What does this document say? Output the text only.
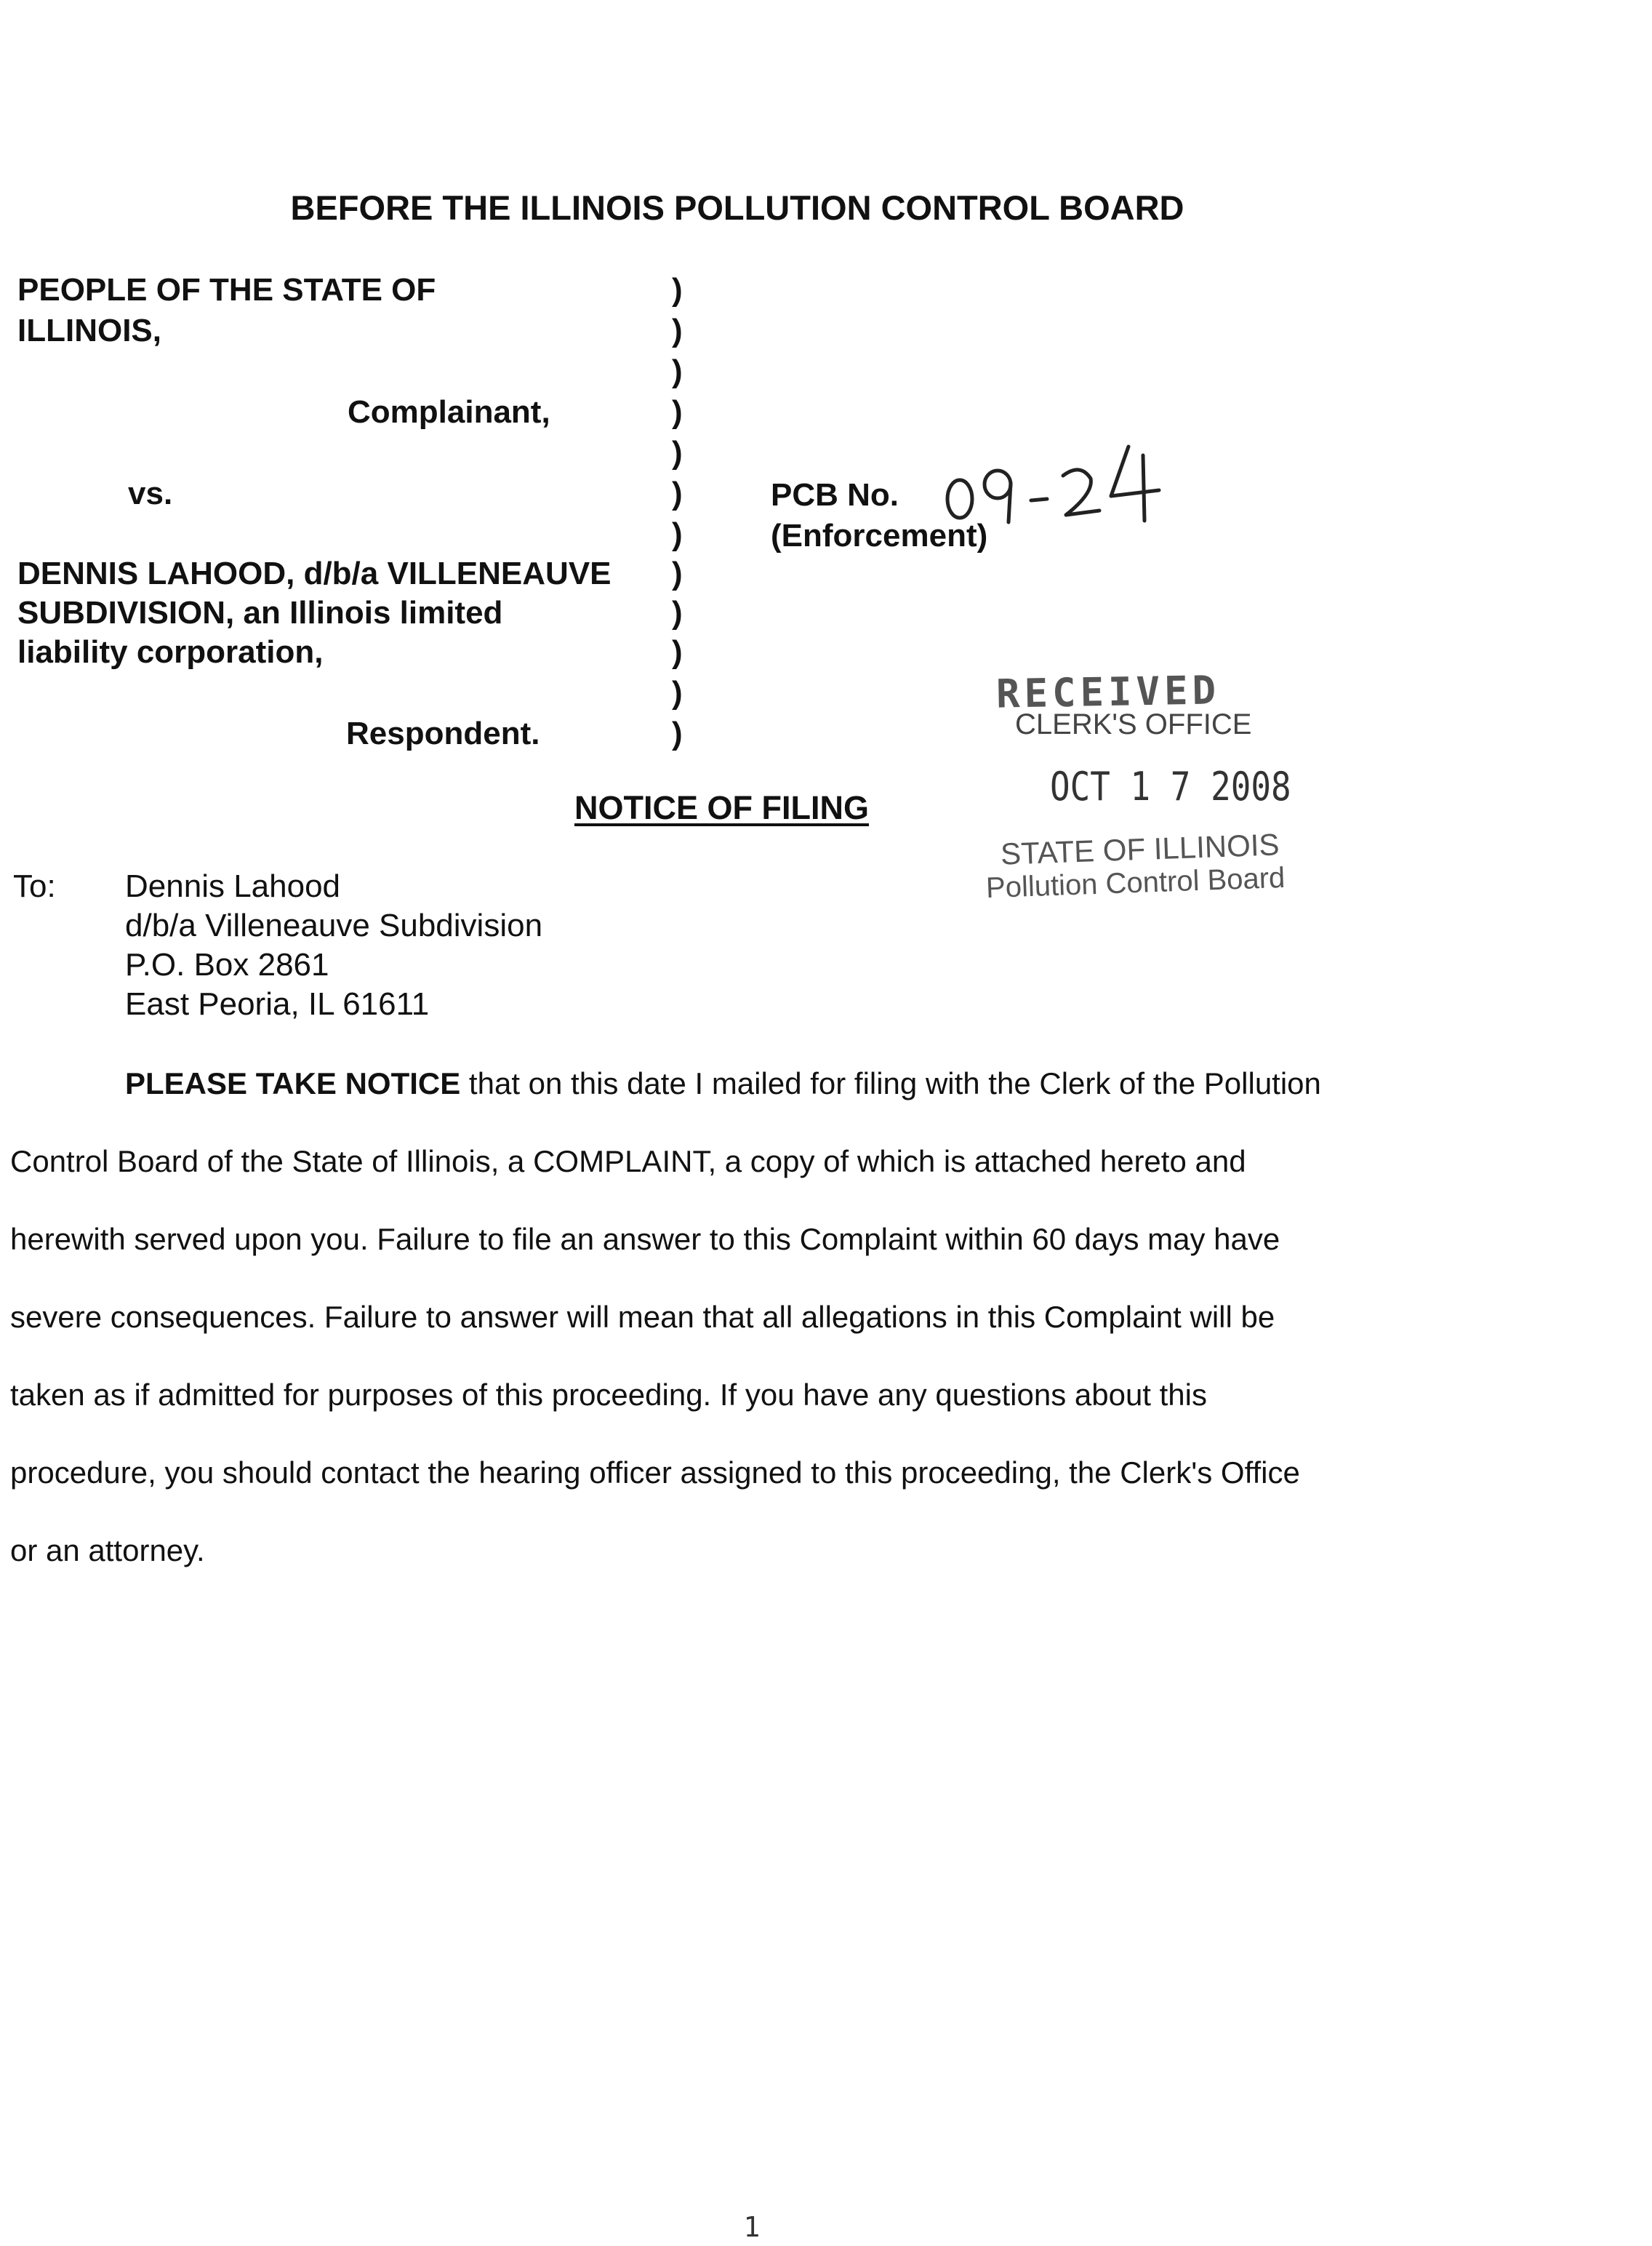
BEFORE THE ILLINOIS POLLUTION CONTROL BOARD
PEOPLE OF THE STATE OF
ILLINOIS,
Complainant,
vs.
DENNIS LAHOOD, d/b/a VILLENEAUVE
SUBDIVISION, an Illinois limited
liability corporation,
Respondent.
)
)
)
)
)
)
)
)
)
)
)
)
PCB No.
09-24
(Enforcement)
RECEIVED
CLERK'S OFFICE
OCT 1 7 2008
STATE OF ILLINOIS
Pollution Control Board
NOTICE OF FILING
To: Dennis Lahood
d/b/a Villeneauve Subdivision
P.O. Box 2861
East Peoria, IL 61611
PLEASE TAKE NOTICE that on this date I mailed for filing with the Clerk of the Pollution
Control Board of the State of Illinois, a COMPLAINT, a copy of which is attached hereto and
herewith served upon you. Failure to file an answer to this Complaint within 60 days may have
severe consequences. Failure to answer will mean that all allegations in this Complaint will be
taken as if admitted for purposes of this proceeding. If you have any questions about this
procedure, you should contact the hearing officer assigned to this proceeding, the Clerk's Office
or an attorney.
1
